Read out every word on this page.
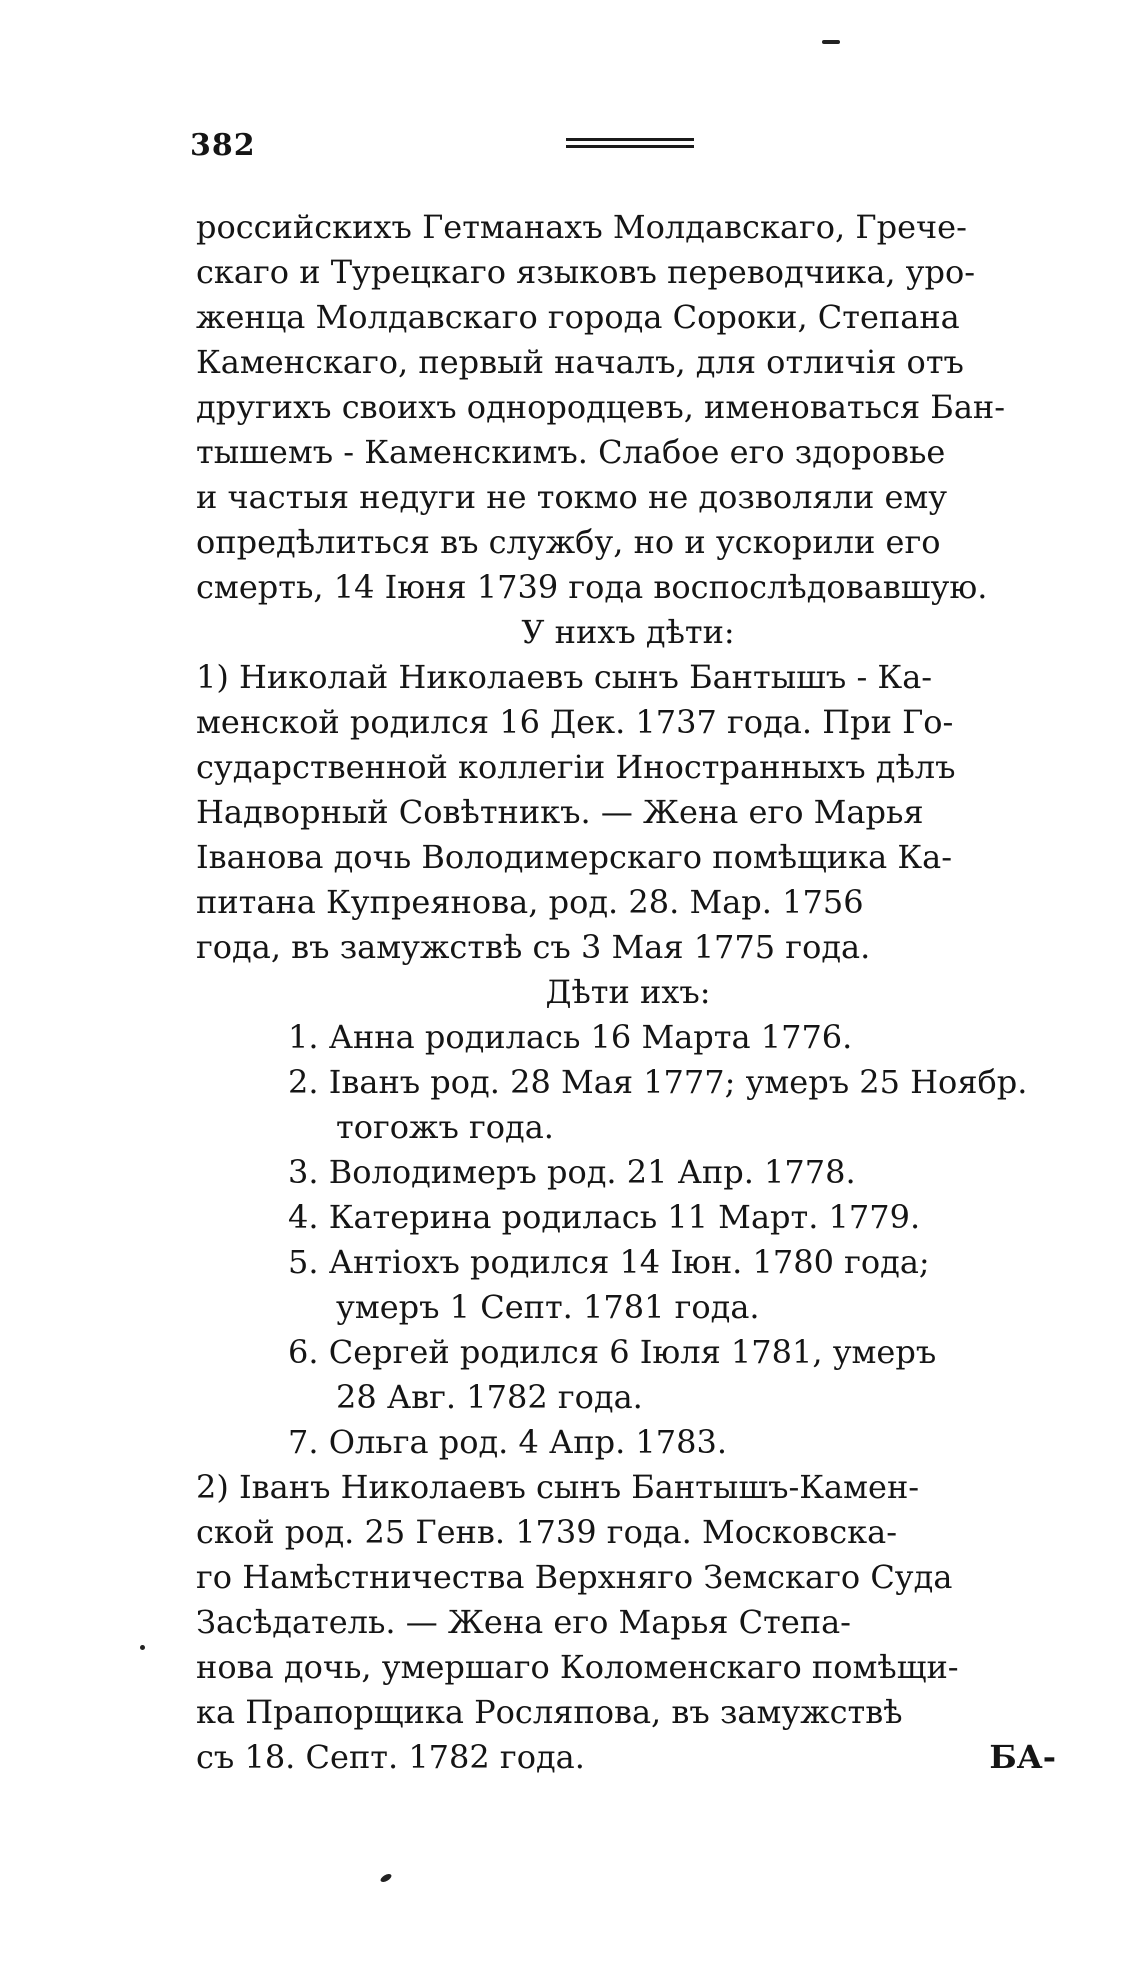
382
российскихъ Гетманахъ Молдавскаго, Грече-
скаго и Турецкаго языковъ переводчика, уро-
женца Молдавскаго города Сороки, Степана
Каменскаго, первый началъ, для отличія отъ
другихъ своихъ однородцевъ, именоваться Бан-
тышемъ - Каменскимъ. Слабое его здоровье
и частыя недуги не токмо не дозволяли ему
опредѣлиться въ службу, но и ускорили его
смерть, 14 Іюня 1739 года воспослѣдовавшую.
У нихъ дѣти:
1) Николай Николаевъ сынъ Бантышъ - Ка-
менской родился 16 Дек. 1737 года. При Го-
сударственной коллегіи Иностранныхъ дѣлъ
Надворный Совѣтникъ. — Жена его Марья
Іванова дочь Володимерскаго помѣщика Ка-
питана Купреянова, род. 28. Мар. 1756
года, въ замужствѣ съ 3 Мая 1775 года.
Дѣти ихъ:
1. Анна родилась 16 Марта 1776.
2. Іванъ род. 28 Мая 1777; умеръ 25 Ноябр.
тогожъ года.
3. Володимеръ род. 21 Апр. 1778.
4. Катерина родилась 11 Март. 1779.
5. Антіохъ родился 14 Іюн. 1780 года;
умеръ 1 Септ. 1781 года.
6. Сергей родился 6 Іюля 1781, умеръ
28 Авг. 1782 года.
7. Ольга род. 4 Апр. 1783.
2) Іванъ Николаевъ сынъ Бантышъ-Камен-
ской род. 25 Генв. 1739 года. Московска-
го Намѣстничества Верхняго Земскаго Суда
Засѣдатель. — Жена его Марья Степа-
нова дочь, умершаго Коломенскаго помѣщи-
ка Прапорщика Росляпова, въ замужствѣ
съ 18. Септ. 1782 года.	БА-
